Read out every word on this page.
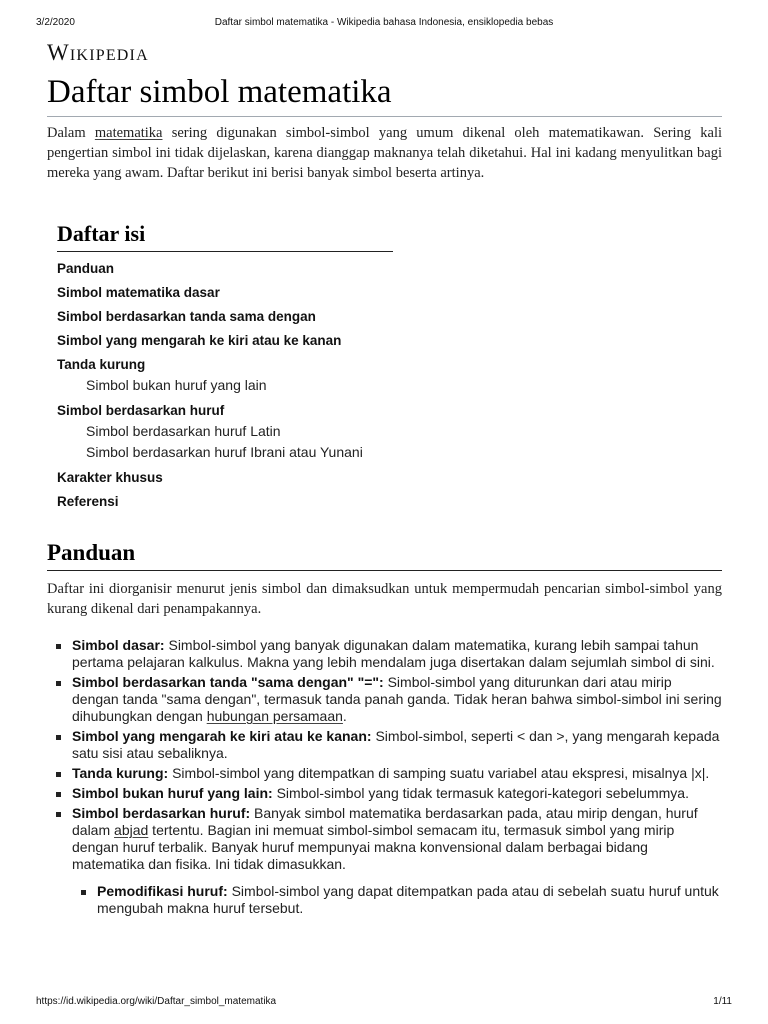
3/2/2020	Daftar simbol matematika - Wikipedia bahasa Indonesia, ensiklopedia bebas
Wikipedia
Daftar simbol matematika

Dalam matematika sering digunakan simbol-simbol yang umum dikenal oleh matematikawan. Sering kali pengertian simbol ini tidak dijelaskan, karena dianggap maknanya telah diketahui. Hal ini kadang menyulitkan bagi mereka yang awam. Daftar berikut ini berisi banyak simbol beserta artinya.

Daftar isi
Panduan
Simbol matematika dasar
Simbol berdasarkan tanda sama dengan
Simbol yang mengarah ke kiri atau ke kanan
Tanda kurung
Simbol bukan huruf yang lain
Simbol berdasarkan huruf
Simbol berdasarkan huruf Latin
Simbol berdasarkan huruf Ibrani atau Yunani
Karakter khusus
Referensi
Panduan

Daftar ini diorganisir menurut jenis simbol dan dimaksudkan untuk mempermudah pencarian simbol-simbol yang kurang dikenal dari penampakannya.

Simbol dasar: Simbol-simbol yang banyak digunakan dalam matematika, kurang lebih sampai tahun pertama pelajaran kalkulus. Makna yang lebih mendalam juga disertakan dalam sejumlah simbol di sini.
Simbol berdasarkan tanda "sama dengan" "=": Simbol-simbol yang diturunkan dari atau mirip dengan tanda "sama dengan", termasuk tanda panah ganda. Tidak heran bahwa simbol-simbol ini sering dihubungkan dengan hubungan persamaan.
Simbol yang mengarah ke kiri atau ke kanan: Simbol-simbol, seperti < dan >, yang mengarah kepada satu sisi atau sebaliknya.
Tanda kurung: Simbol-simbol yang ditempatkan di samping suatu variabel atau ekspresi, misalnya |x|.
Simbol bukan huruf yang lain: Simbol-simbol yang tidak termasuk kategori-kategori sebelummya.
Simbol berdasarkan huruf: Banyak simbol matematika berdasarkan pada, atau mirip dengan, huruf dalam abjad tertentu. Bagian ini memuat simbol-simbol semacam itu, termasuk simbol yang mirip dengan huruf terbalik. Banyak huruf mempunyai makna konvensional dalam berbagai bidang matematika dan fisika. Ini tidak dimasukkan.
Pemodifikasi huruf: Simbol-simbol yang dapat ditempatkan pada atau di sebelah suatu huruf untuk mengubah makna huruf tersebut.
https://id.wikipedia.org/wiki/Daftar_simbol_matematika	1/11
